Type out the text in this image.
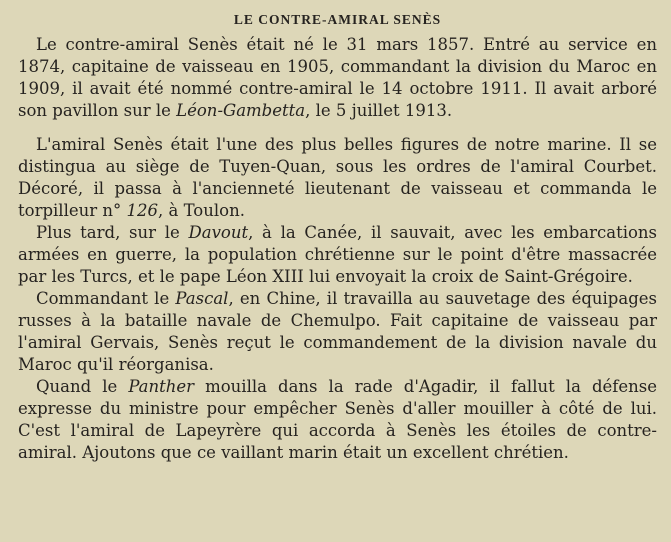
LE CONTRE-AMIRAL SENÈS

Le contre-amiral Senès était né le 31 mars 1857. Entré au service en 1874, capitaine de vaisseau en 1905, commandant la division du Maroc en 1909, il avait été nommé contre-amiral le 14 octobre 1911. Il avait arboré son pavillon sur le Léon-Gambetta, le 5 juillet 1913.

L'amiral Senès était l'une des plus belles figures de notre marine. Il se distingua au siège de Tuyen-Quan, sous les ordres de l'amiral Courbet. Décoré, il passa à l'ancienneté lieutenant de vaisseau et commanda le torpilleur n° 126, à Toulon.

Plus tard, sur le Davout, à la Canée, il sauvait, avec les embarcations armées en guerre, la population chrétienne sur le point d'être massacrée par les Turcs, et le pape Léon XIII lui envoyait la croix de Saint-Grégoire.

Commandant le Pascal, en Chine, il travailla au sauvetage des équipages russes à la bataille navale de Chemulpo. Fait capitaine de vaisseau par l'amiral Gervais, Senès reçut le commandement de la division navale du Maroc qu'il réorganisa.

Quand le Panther mouilla dans la rade d'Agadir, il fallut la défense expresse du ministre pour empêcher Senès d'aller mouiller à côté de lui. C'est l'amiral de Lapeyrère qui accorda à Senès les étoiles de contre-amiral. Ajoutons que ce vaillant marin était un excellent chrétien.
